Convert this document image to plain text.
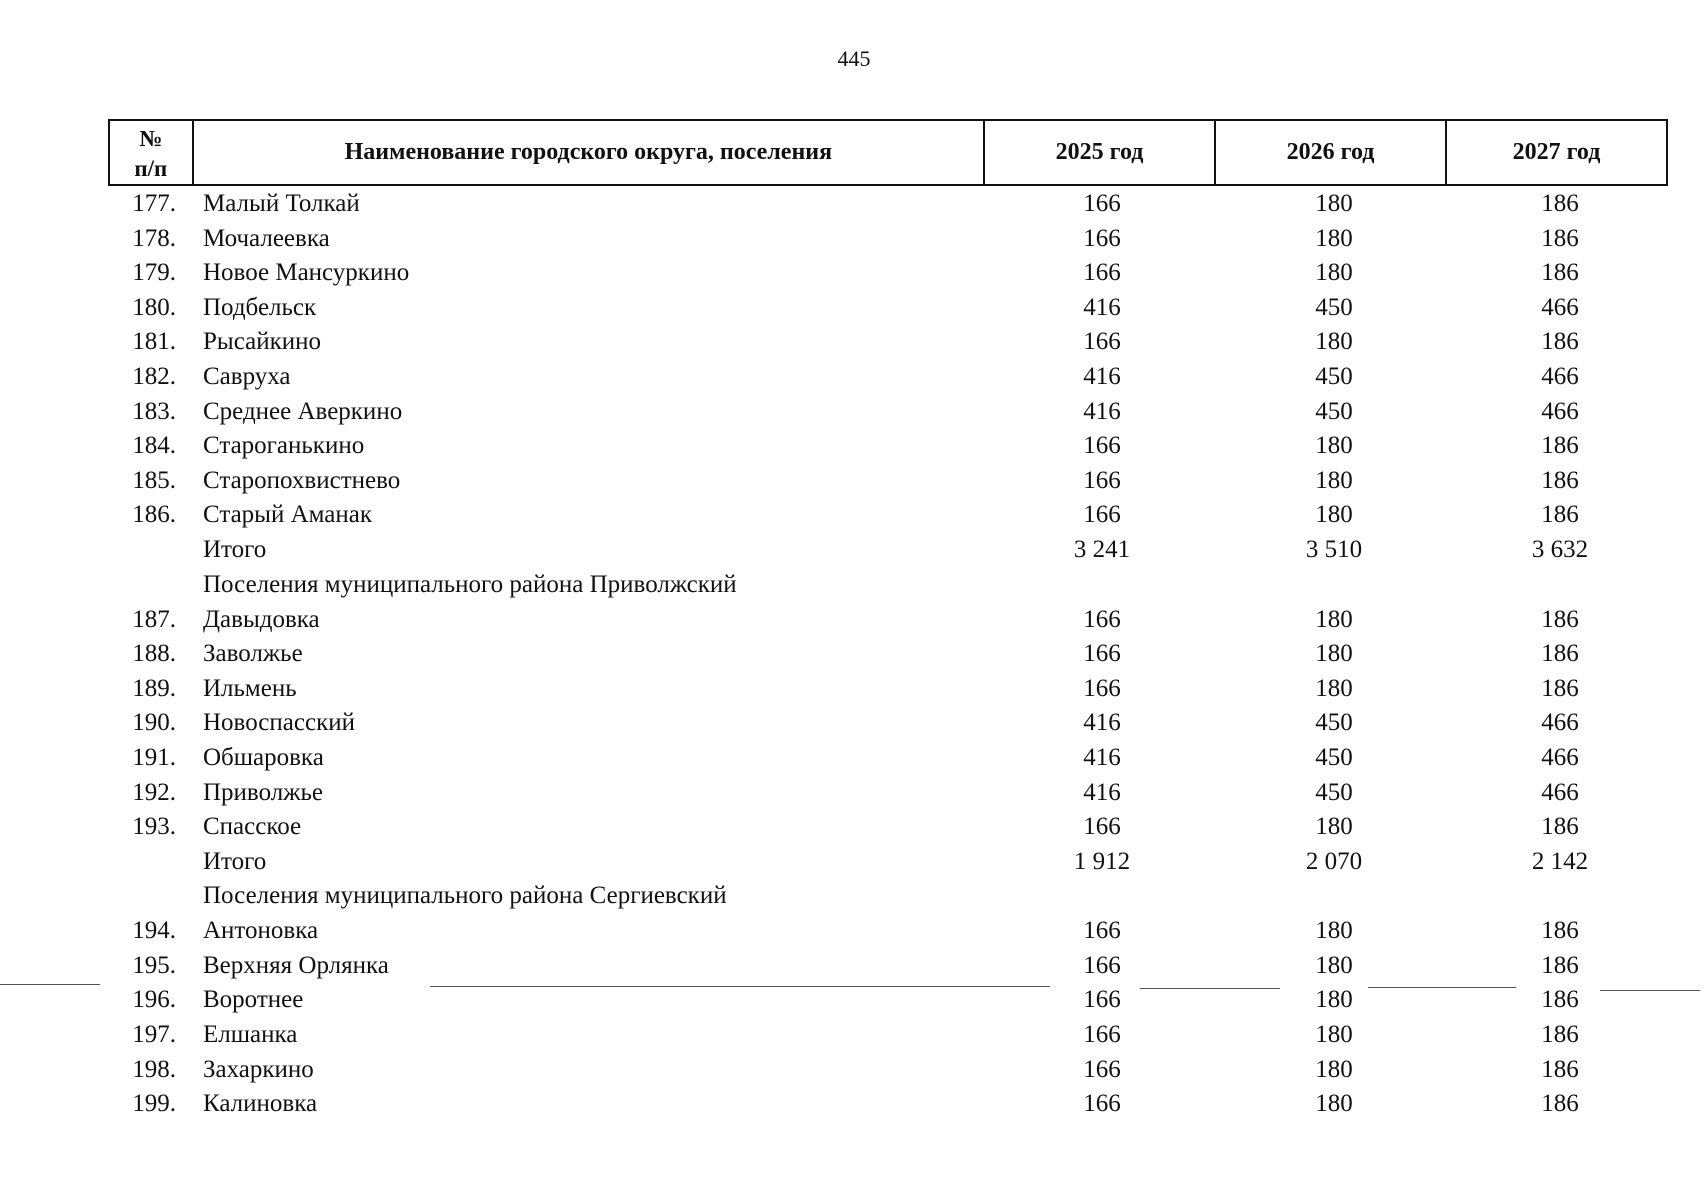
445
№
п/п
Наименование городского округа, поселения	2025 год	2026 год	2027 год
177. Малый Толкай	166	180	186
178. Мочалеевка	166	180	186
179. Новое Мансуркино	166	180	186
180. Подбельск	416	450	466
181. Рысайкино	166	180	186
182. Савруха	416	450	466
183. Среднее Аверкино	416	450	466
184. Староганькино	166	180	186
185. Старопохвистнево	166	180	186
186. Старый Аманак	166	180	186
Итого	3 241	3 510	3 632
Поселения муниципального района Приволжский
187. Давыдовка	166	180	186
188. Заволжье	166	180	186
189. Ильмень	166	180	186
190. Новоспасский	416	450	466
191. Обшаровка	416	450	466
192. Приволжье	416	450	466
193. Спасское	166	180	186
Итого	1 912	2 070	2 142
Поселения муниципального района Сергиевский
194. Антоновка	166	180	186
195. Верхняя Орлянка	166	180	186
196. Воротнее	166	180	186
197. Елшанка	166	180	186
198. Захаркино	166	180	186
199. Калиновка	166	180	186
